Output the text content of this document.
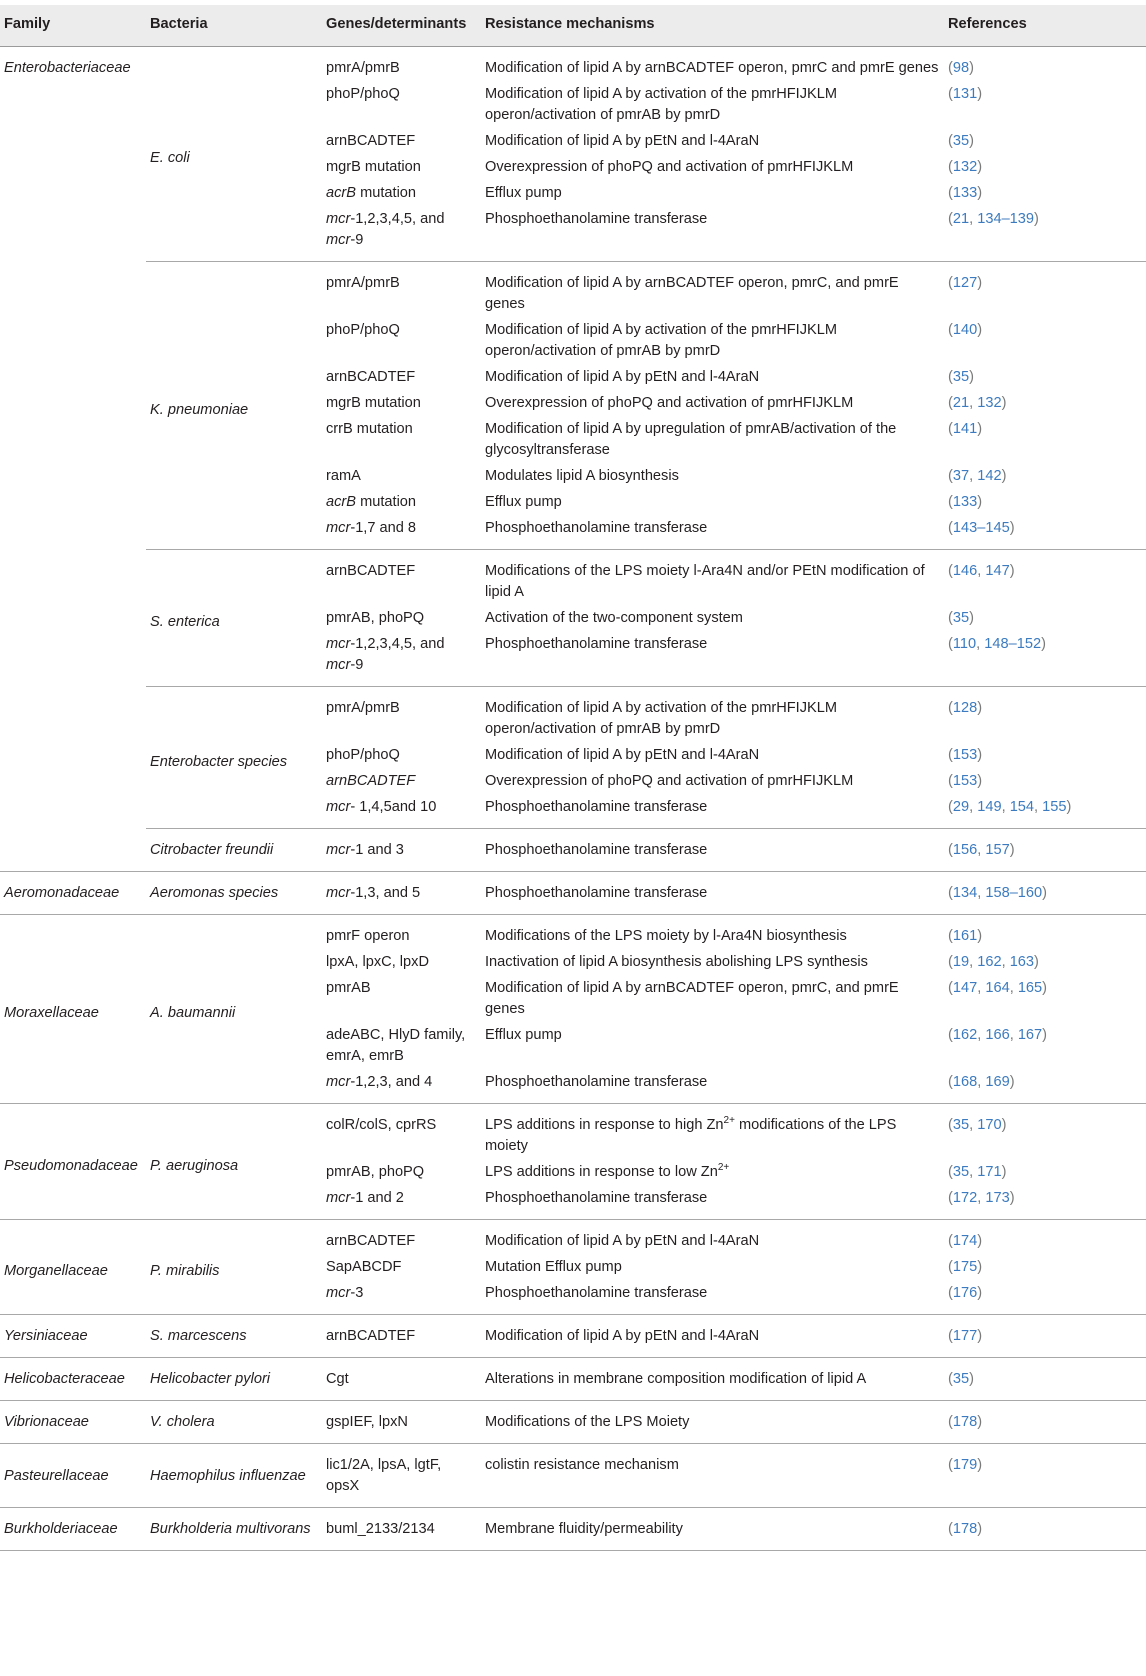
Family	Bacteria	Genes/determinants	Resistance mechanisms	References
Enterobacteriaceae	E. coli	pmrA/pmrB	Modification of lipid A by arnBCADTEF operon, pmrC and pmrE genes	(98)
		phoP/phoQ	Modification of lipid A by activation of the pmrHFIJKLM operon/activation of pmrAB by pmrD	(131)
		arnBCADTEF	Modification of lipid A by pEtN and l-4AraN	(35)
		mgrB mutation	Overexpression of phoPQ and activation of pmrHFIJKLM	(132)
		acrB mutation	Efflux pump	(133)
		mcr-1,2,3,4,5, and mcr-9	Phosphoethanolamine transferase	(21, 134–139)
	K. pneumoniae	pmrA/pmrB	Modification of lipid A by arnBCADTEF operon, pmrC, and pmrE genes	(127)
		phoP/phoQ	Modification of lipid A by activation of the pmrHFIJKLM operon/activation of pmrAB by pmrD	(140)
		arnBCADTEF	Modification of lipid A by pEtN and l-4AraN	(35)
		mgrB mutation	Overexpression of phoPQ and activation of pmrHFIJKLM	(21, 132)
		crrB mutation	Modification of lipid A by upregulation of pmrAB/activation of the glycosyltransferase	(141)
		ramA	Modulates lipid A biosynthesis	(37, 142)
		acrB mutation	Efflux pump	(133)
		mcr-1,7 and 8	Phosphoethanolamine transferase	(143–145)
	S. enterica	arnBCADTEF	Modifications of the LPS moiety l-Ara4N and/or PEtN modification of lipid A	(146, 147)
		pmrAB, phoPQ	Activation of the two-component system	(35)
		mcr-1,2,3,4,5, and mcr-9	Phosphoethanolamine transferase	(110, 148–152)
	Enterobacter species	pmrA/pmrB	Modification of lipid A by activation of the pmrHFIJKLM operon/activation of pmrAB by pmrD	(128)
		phoP/phoQ	Modification of lipid A by pEtN and l-4AraN	(153)
		arnBCADTEF	Overexpression of phoPQ and activation of pmrHFIJKLM	(153)
		mcr- 1,4,5and 10	Phosphoethanolamine transferase	(29, 149, 154, 155)
	Citrobacter freundii	mcr-1 and 3	Phosphoethanolamine transferase	(156, 157)
Aeromonadaceae	Aeromonas species	mcr-1,3, and 5	Phosphoethanolamine transferase	(134, 158–160)
Moraxellaceae	A. baumannii	pmrF operon	Modifications of the LPS moiety by l-Ara4N biosynthesis	(161)
		lpxA, lpxC, lpxD	Inactivation of lipid A biosynthesis abolishing LPS synthesis	(19, 162, 163)
		pmrAB	Modification of lipid A by arnBCADTEF operon, pmrC, and pmrE genes	(147, 164, 165)
		adeABC, HlyD family, emrA, emrB	Efflux pump	(162, 166, 167)
		mcr-1,2,3, and 4	Phosphoethanolamine transferase	(168, 169)
Pseudomonadaceae	P. aeruginosa	colR/colS, cprRS	LPS additions in response to high $Zn^{2+}$ modifications of the LPS moiety	(35, 170)
		pmrAB, phoPQ	LPS additions in response to low $Zn^{2+}$	(35, 171)
		mcr-1 and 2	Phosphoethanolamine transferase	(172, 173)
Morganellaceae	P. mirabilis	arnBCADTEF	Modification of lipid A by pEtN and l-4AraN	(174)
		SapABCDF	Mutation Efflux pump	(175)
		mcr-3	Phosphoethanolamine transferase	(176)
Yersiniaceae	S. marcescens	arnBCADTEF	Modification of lipid A by pEtN and l-4AraN	(177)
Helicobacteraceae	Helicobacter pylori	Cgt	Alterations in membrane composition modification of lipid A	(35)
Vibrionaceae	V. cholera	gspIEF, lpxN	Modifications of the LPS Moiety	(178)
Pasteurellaceae	Haemophilus influenzae	lic1/2A, lpsA, lgtF, opsX	colistin resistance mechanism	(179)
Burkholderiaceae	Burkholderia multivorans	buml_2133/2134	Membrane fluidity/permeability	(178)
